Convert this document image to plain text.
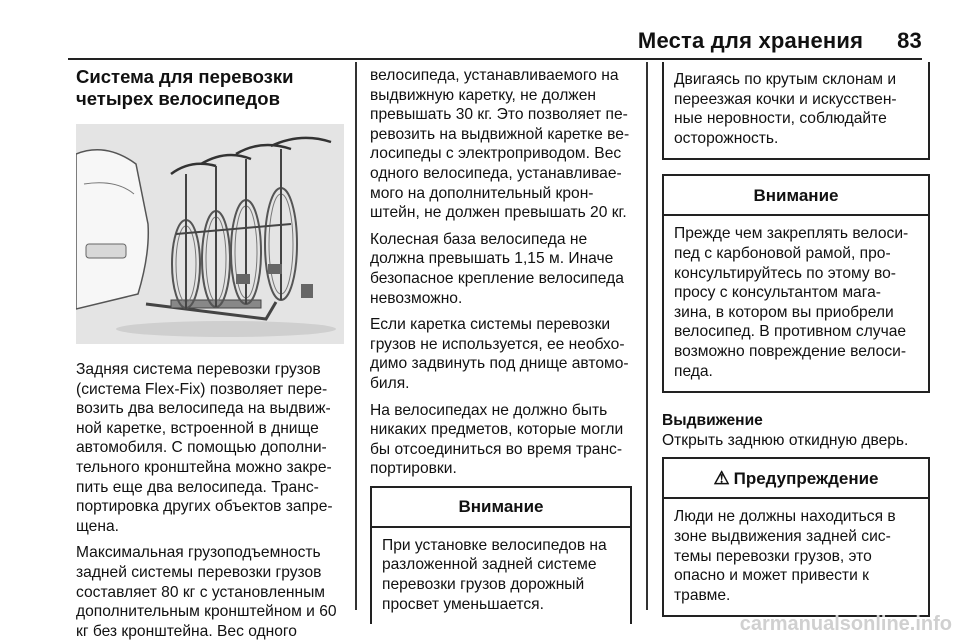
Места для хранения 83
Система для перевозки
четырех велосипедов

Задняя система перевозки грузов (система Flex-Fix) позволяет пере-возить два велосипеда на выдвиж-ной каретке, встроенной в днище автомобиля. С помощью дополни-тельного кронштейна можно закре-пить еще два велосипеда. Транс-портировка других объектов запре-щена.

Максимальная грузоподъемность задней системы перевозки грузов составляет 80 кг с установленным дополнительным кронштейном и 60 кг без кронштейна. Вес одного

велосипеда, устанавливаемого на выдвижную каретку, не должен превышать 30 кг. Это позволяет пе-ревозить на выдвижной каретке ве-лосипеды с электроприводом. Вес одного велосипеда, устанавливае-мого на дополнительный крон-штейн, не должен превышать 20 кг.

Колесная база велосипеда не должна превышать 1,15 м. Иначе безопасное крепление велосипеда невозможно.

Если каретка системы перевозки грузов не используется, ее необхо-димо задвинуть под днище автомо-биля.

На велосипедах не должно быть никаких предметов, которые могли бы отсоединиться во время транс-портировки.

Внимание
При установке велосипедов на разложенной задней системе перевозки грузов дорожный просвет уменьшается.
Двигаясь по крутым склонам и переезжая кочки и искусствен-ные неровности, соблюдайте осторожность.
Внимание
Прежде чем закреплять велоси-пед с карбоновой рамой, про-консультируйтесь по этому во-просу с консультантом мага-зина, в котором вы приобрели велосипед. В противном случае возможно повреждение велоси-педа.
Выдвижение

Открыть заднюю откидную дверь.

⚠ Предупреждение
Люди не должны находиться в зоне выдвижения задней сис-темы перевозки грузов, это опасно и может привести к травме.
carmanualsonline.info
